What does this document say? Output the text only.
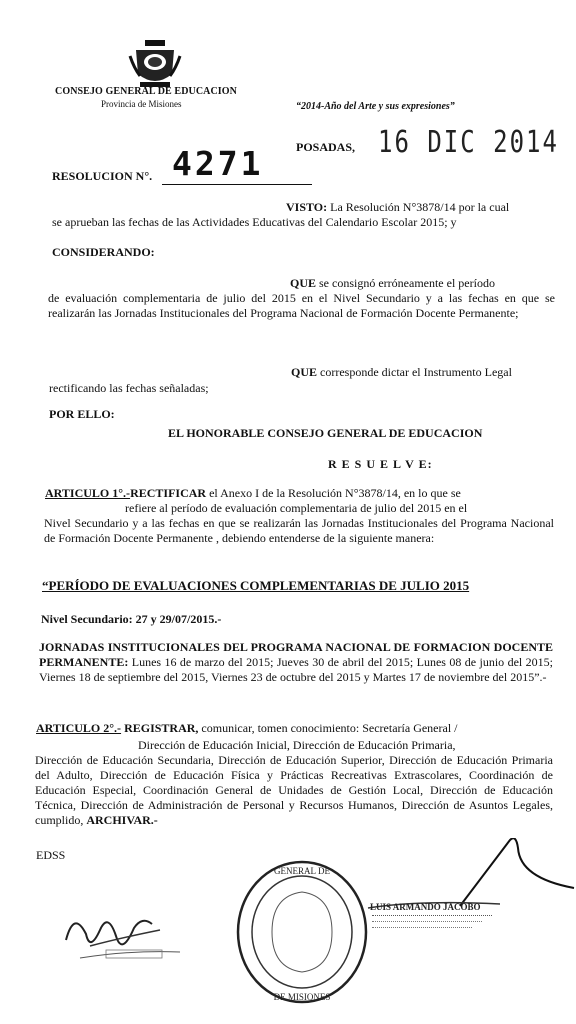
CONSEJO GENERAL DE EDUCACION
Provincia de Misiones	“2014-Año del Arte y sus expresiones”
POSADAS, 16 DIC 2014
RESOLUCION N°. 4271
VISTO: La Resolución N°3878/14 por la cual
se aprueban las fechas de las Actividades Educativas del Calendario Escolar 2015; y
CONSIDERANDO:
QUE se consignó erróneamente el período
de evaluación complementaria de julio del 2015 en el Nivel Secundario y a las fechas en que se realizarán las Jornadas Institucionales del Programa Nacional de Formación Docente Permanente;
QUE corresponde dictar el Instrumento Legal
rectificando las fechas señaladas;
POR ELLO:
EL HONORABLE CONSEJO GENERAL DE EDUCACION
R E S U E L V E:
ARTICULO 1°.-RECTIFICAR el Anexo I de la Resolución N°3878/14, en lo que se
refiere al período de evaluación complementaria de julio del 2015 en el
Nivel Secundario y a las fechas en que se realizarán las Jornadas Institucionales del Programa Nacional de Formación Docente Permanente , debiendo entenderse de la siguiente manera:
“PERÍODO DE EVALUACIONES COMPLEMENTARIAS DE JULIO 2015
Nivel Secundario: 27 y 29/07/2015.-
JORNADAS INSTITUCIONALES DEL PROGRAMA NACIONAL DE FORMACION DOCENTE PERMANENTE: Lunes 16 de marzo del 2015; Jueves 30 de abril del 2015; Lunes 08 de junio del 2015; Viernes 18 de septiembre del 2015, Viernes 23 de octubre del 2015 y Martes 17 de noviembre del 2015”.-
ARTICULO 2°.- REGISTRAR, comunicar, tomen conocimiento: Secretaría General /
Dirección de Educación Inicial, Dirección de Educación Primaria,
Dirección de Educación Secundaria, Dirección de Educación Superior, Dirección de Educación Primaria del Adulto, Dirección de Educación Física y Prácticas Recreativas Extrascolares, Coordinación de Educación Especial, Coordinación General de Unidades de Gestión Local, Dirección de Educación Técnica, Dirección de Administración de Personal y Recursos Humanos, Dirección de Asuntos Legales, cumplido, ARCHIVAR.-
EDSS
GENERAL DE
DE MISIONES
LUIS ARMANDO JACOBO
